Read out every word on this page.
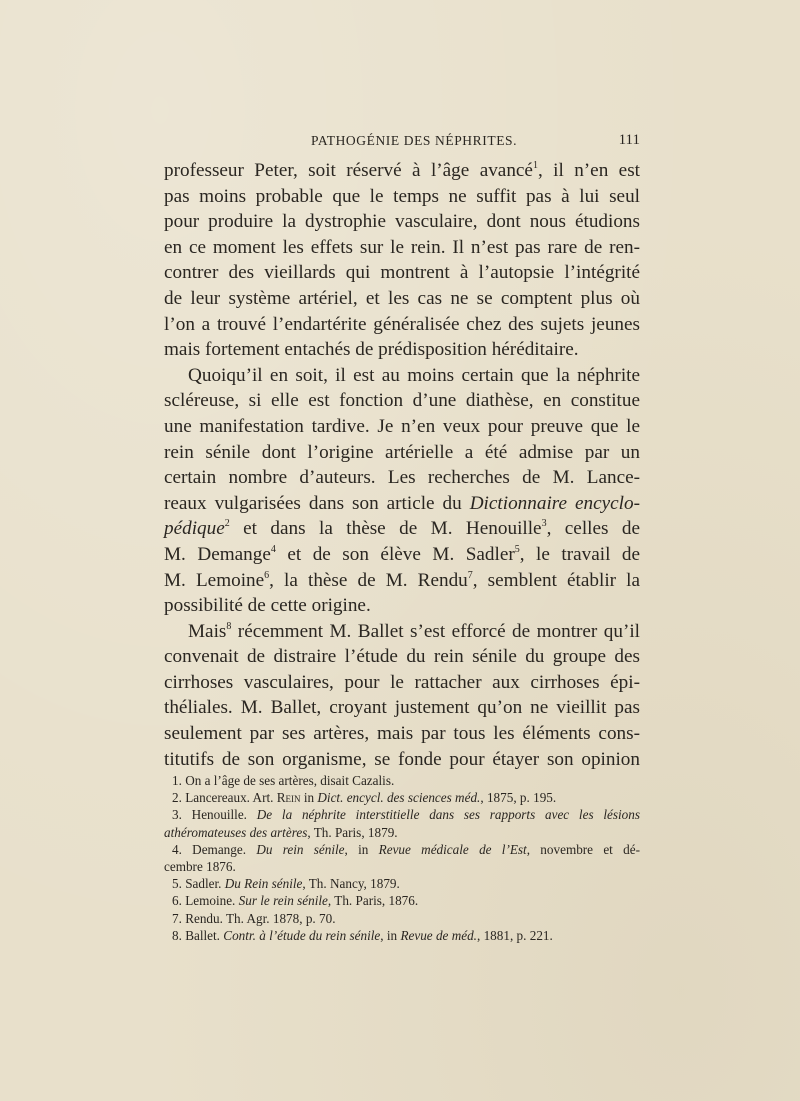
PATHOGÉNIE DES NÉPHRITES.	111
professeur Peter, soit réservé à l’âge avancé$^1$, il n’en est
pas moins probable que le temps ne suffit pas à lui seul
pour produire la dystrophie vasculaire, dont nous étudions
en ce moment les effets sur le rein. Il n’est pas rare de ren-
contrer des vieillards qui montrent à l’autopsie l’intégrité
de leur système artériel, et les cas ne se comptent plus où
l’on a trouvé l’endartérite généralisée chez des sujets jeunes
mais fortement entachés de prédisposition héréditaire.
Quoiqu’il en soit, il est au moins certain que la néphrite
scléreuse, si elle est fonction d’une diathèse, en constitue
une manifestation tardive. Je n’en veux pour preuve que le
rein sénile dont l’origine artérielle a été admise par un
certain nombre d’auteurs. Les recherches de M. Lance-
reaux vulgarisées dans son article du Dictionnaire encyclo-
pédique$^2$ et dans la thèse de M. Henouille$^3$, celles de
M. Demange$^4$ et de son élève M. Sadler$^5$, le travail de
M. Lemoine$^6$, la thèse de M. Rendu$^7$, semblent établir la
possibilité de cette origine.
Mais$^8$ récemment M. Ballet s’est efforcé de montrer qu’il
convenait de distraire l’étude du rein sénile du groupe des
cirrhoses vasculaires, pour le rattacher aux cirrhoses épi-
théliales. M. Ballet, croyant justement qu’on ne vieillit pas
seulement par ses artères, mais par tous les éléments cons-
titutifs de son organisme, se fonde pour étayer son opinion
1. On a l’âge de ses artères, disait Cazalis.
2. Lancereaux. Art. Rein in Dict. encycl. des sciences méd., 1875, p. 195.
3. Henouille. De la néphrite interstitielle dans ses rapports avec les lésions
athéromateuses des artères, Th. Paris, 1879.
4. Demange. Du rein sénile, in Revue médicale de l’Est, novembre et dé-
cembre 1876.
5. Sadler. Du Rein sénile, Th. Nancy, 1879.
6. Lemoine. Sur le rein sénile, Th. Paris, 1876.
7. Rendu. Th. Agr. 1878, p. 70.
8. Ballet. Contr. à l’étude du rein sénile, in Revue de méd., 1881, p. 221.
